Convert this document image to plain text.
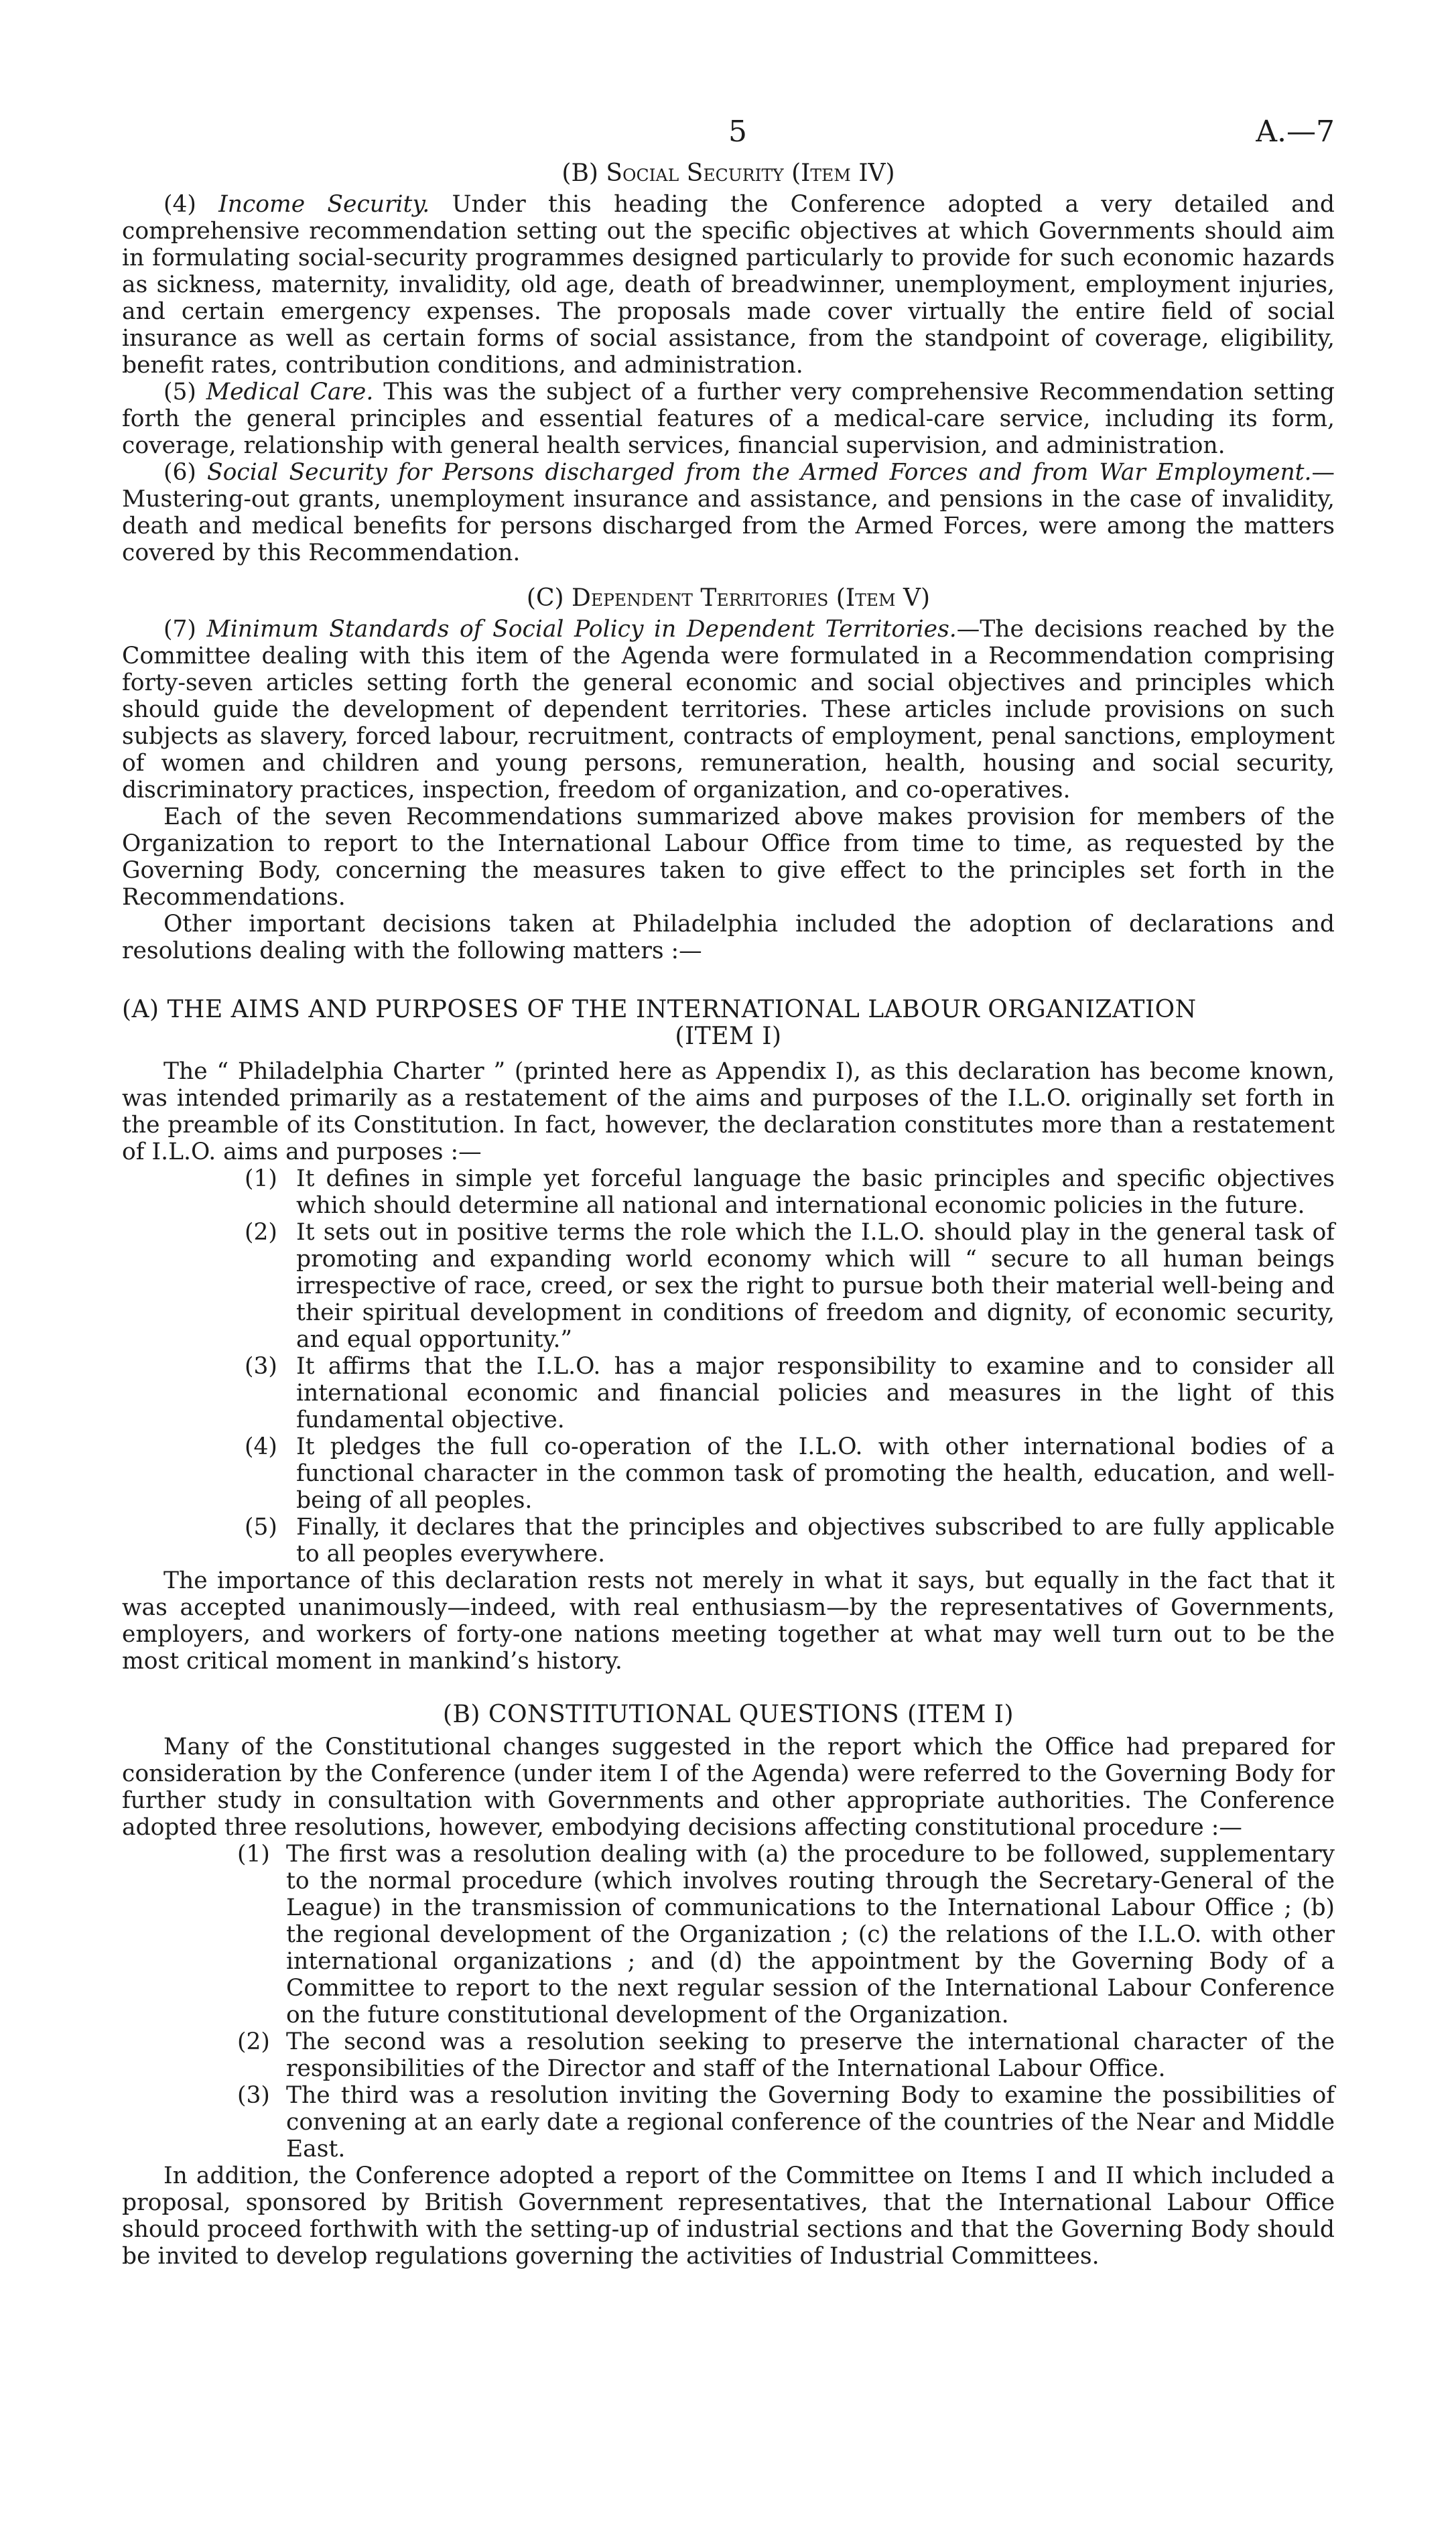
5	A.—7

(B) Social Security (Item IV)

(4) Income Security. Under this heading the Conference adopted a very detailed and comprehensive recommendation setting out the specific objectives at which Governments should aim in formulating social-security programmes designed particularly to provide for such economic hazards as sickness, maternity, invalidity, old age, death of breadwinner, unemployment, employment injuries, and certain emergency expenses. The proposals made cover virtually the entire field of social insurance as well as certain forms of social assistance, from the standpoint of coverage, eligibility, benefit rates, contribution conditions, and administration.

(5) Medical Care. This was the subject of a further very comprehensive Recommendation setting forth the general principles and essential features of a medical-care service, including its form, coverage, relationship with general health services, financial supervision, and administration.

(6) Social Security for Persons discharged from the Armed Forces and from War Employment.—Mustering-out grants, unemployment insurance and assistance, and pensions in the case of invalidity, death and medical benefits for persons discharged from the Armed Forces, were among the matters covered by this Recommendation.

(C) Dependent Territories (Item V)

(7) Minimum Standards of Social Policy in Dependent Territories.—The decisions reached by the Committee dealing with this item of the Agenda were formulated in a Recommendation comprising forty-seven articles setting forth the general economic and social objectives and principles which should guide the development of dependent territories. These articles include provisions on such subjects as slavery, forced labour, recruitment, contracts of employment, penal sanctions, employment of women and children and young persons, remuneration, health, housing and social security, discriminatory practices, inspection, freedom of organization, and co-operatives.

Each of the seven Recommendations summarized above makes provision for members of the Organization to report to the International Labour Office from time to time, as requested by the Governing Body, concerning the measures taken to give effect to the principles set forth in the Recommendations.

Other important decisions taken at Philadelphia included the adoption of declarations and resolutions dealing with the following matters :—

(A) THE AIMS AND PURPOSES OF THE INTERNATIONAL LABOUR ORGANIZATION

(ITEM I)

The “ Philadelphia Charter ” (printed here as Appendix I), as this declaration has become known, was intended primarily as a restatement of the aims and purposes of the I.L.O. originally set forth in the preamble of its Constitution. In fact, however, the declaration constitutes more than a restatement of I.L.O. aims and purposes :—

(1) It defines in simple yet forceful language the basic principles and specific objectives which should determine all national and international economic policies in the future.
(2) It sets out in positive terms the role which the I.L.O. should play in the general task of promoting and expanding world economy which will “ secure to all human beings irrespective of race, creed, or sex the right to pursue both their material well-being and their spiritual development in conditions of freedom and dignity, of economic security, and equal opportunity.”
(3) It affirms that the I.L.O. has a major responsibility to examine and to consider all international economic and financial policies and measures in the light of this fundamental objective.
(4) It pledges the full co-operation of the I.L.O. with other international bodies of a functional character in the common task of promoting the health, education, and well-being of all peoples.
(5) Finally, it declares that the principles and objectives subscribed to are fully applicable to all peoples everywhere.

The importance of this declaration rests not merely in what it says, but equally in the fact that it was accepted unanimously—indeed, with real enthusiasm—by the representatives of Governments, employers, and workers of forty-one nations meeting together at what may well turn out to be the most critical moment in mankind’s history.

(B) CONSTITUTIONAL QUESTIONS (ITEM I)

Many of the Constitutional changes suggested in the report which the Office had prepared for consideration by the Conference (under item I of the Agenda) were referred to the Governing Body for further study in consultation with Governments and other appropriate authorities. The Conference adopted three resolutions, however, embodying decisions affecting constitutional procedure :—

(1) The first was a resolution dealing with (a) the procedure to be followed, supplementary to the normal procedure (which involves routing through the Secretary-General of the League) in the transmission of communications to the International Labour Office ; (b) the regional development of the Organization ; (c) the relations of the I.L.O. with other international organizations ; and (d) the appointment by the Governing Body of a Committee to report to the next regular session of the International Labour Conference on the future constitutional development of the Organization.
(2) The second was a resolution seeking to preserve the international character of the responsibilities of the Director and staff of the International Labour Office.
(3) The third was a resolution inviting the Governing Body to examine the possibilities of convening at an early date a regional conference of the countries of the Near and Middle East.

In addition, the Conference adopted a report of the Committee on Items I and II which included a proposal, sponsored by British Government representatives, that the International Labour Office should proceed forthwith with the setting-up of industrial sections and that the Governing Body should be invited to develop regulations governing the activities of Industrial Committees.
